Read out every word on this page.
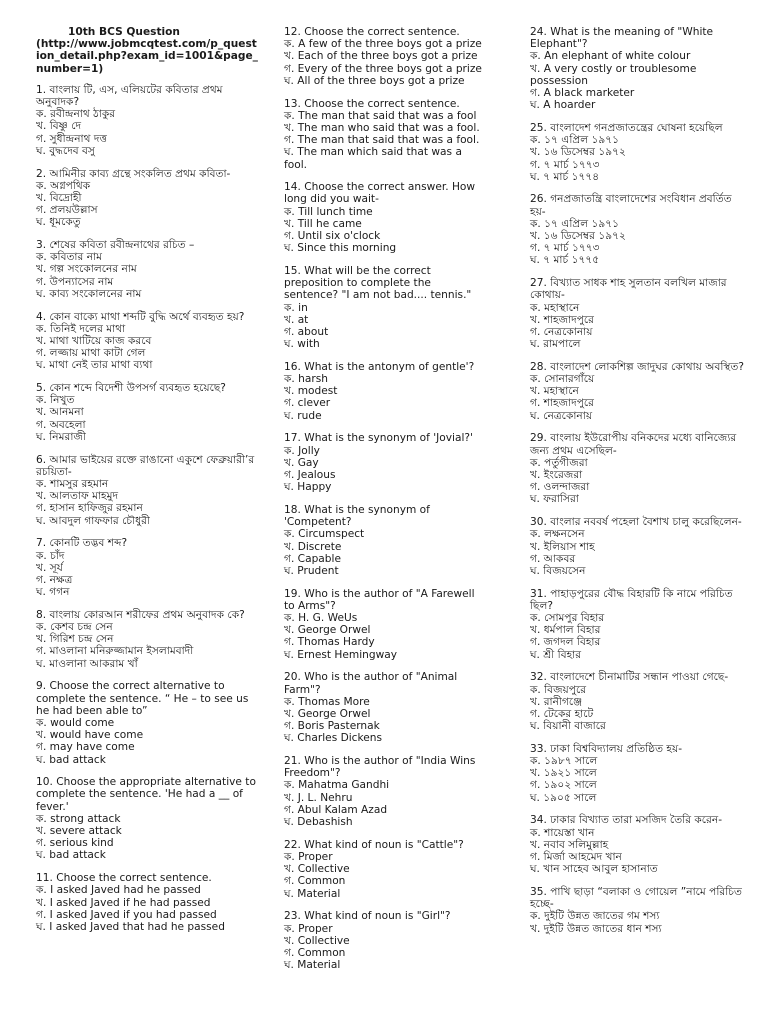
10th BCS Question
(http://www.jobmcqtest.com/p_question_detail.php?exam_id=1001&page_number=1)
1. বাংলায় টি, এস, এলিয়টের কবিতার প্রথম অনুবাদক?
ক. রবীন্দ্রনাথ ঠাকুর
খ. বিষ্ণু দে
গ. সুধীন্দ্রনাথ দত্ত
ঘ. বুদ্ধদেব বসু
2. আমিনীর কাব্য গ্রন্থে সংকলিত প্রথম কবিতা-
ক. অগ্নপথিক
খ. বিদ্রোহী
গ. প্রলয়উল্লাস
ঘ. ধূমকেতু
3. শেষের কবিতা রবীন্দ্রনাথের রচিত –
ক. কবিতার নাম
খ. গল্প সংকোলনের নাম
গ. উপন্যাসের নাম
ঘ. কাব্য সংকোলনের নাম
4. কোন বাক্যে মাথা শব্দটি বুদ্ধি অর্থে ব্যবহৃত হয়?
ক. তিনিই দলের মাথা
খ. মাথা খাটিয়ে কাজ করবে
গ. লজ্জায় মাথা কাটা গেল
ঘ. মাথা নেই তার মাথা ব্যথা
5. কোন শব্দে বিদেশী উপসর্গ ব্যবহৃত হয়েছে?
ক. নিখুত
খ. আনমনা
গ. অবহেলা
ঘ. নিমরাজী
6. আমার ভাইয়ের রক্তে রাঙানো একুশে ফেব্রুয়ারী’র রচয়িতা-
ক. শামসুর রহমান
খ. আলতাফ মাহমুদ
গ. হাসান হাফিজুর রহমান
ঘ. আবদুল গাফফার চৌধুরী
7. কোনটি তদ্ভব শব্দ?
ক. চাঁদ
খ. সূর্য
গ. নক্ষত্র
ঘ. গগন
8. বাংলায় কোরআন শরীফের প্রথম অনুবাদক কে?
ক. কেশব চন্দ্র সেন
খ. গিরিশ চন্দ্র সেন
গ. মাওলানা মনিরুজ্জামান ইসলামবাদী
ঘ. মাওলানা আকরাম খাঁ
9. Choose the correct alternative to complete the sentence. “ He – to see us he had been able to”
ক. would come
খ. would have come
গ. may have come
ঘ. bad attack
10. Choose the appropriate alternative to complete the sentence. 'He had a __ of fever.'
ক. strong attack
খ. severe attack
গ. serious kind
ঘ. bad attack
11. Choose the correct sentence.
ক. I asked Javed had he passed
খ. I asked Javed if he had passed
গ. I asked Javed if you had passed
ঘ. I asked Javed that had he passed
12. Choose the correct sentence.
ক. A few of the three boys got a prize
খ. Each of the three boys got a prize
গ. Every of the three boys got a prize
ঘ. All of the three boys got a prize
13. Choose the correct sentence.
ক. The man that said that was a fool
খ. The man who said that was a fool.
গ. The man that said that was a fool.
ঘ. The man which said that was a fool.
14. Choose the correct answer. How long did you wait-
ক. Till lunch time
খ. Till he came
গ. Until six o'clock
ঘ. Since this morning
15. What will be the correct preposition to complete the sentence? "I am not bad.... tennis."
ক. in
খ. at
গ. about
ঘ. with
16. What is the antonym of gentle'?
ক. harsh
খ. modest
গ. clever
ঘ. rude
17. What is the synonym of 'Jovial?'
ক. Jolly
খ. Gay
গ. Jealous
ঘ. Happy
18. What is the synonym of 'Competent?
ক. Circumspect
খ. Discrete
গ. Capable
ঘ. Prudent
19. Who is the author of "A Farewell to Arms"?
ক. H. G. WeUs
খ. George Orwel
গ. Thomas Hardy
ঘ. Ernest Hemingway
20. Who is the author of "Animal Farm"?
ক. Thomas More
খ. George Orwel
গ. Boris Pasternak
ঘ. Charles Dickens
21. Who is the author of "India Wins Freedom"?
ক. Mahatma Gandhi
খ. J. L. Nehru
গ. Abul Kalam Azad
ঘ. Debashish
22. What kind of noun is "Cattle"?
ক. Proper
খ. Collective
গ. Common
ঘ. Material
23. What kind of noun is "Girl"?
ক. Proper
খ. Collective
গ. Common
ঘ. Material
24. What is the meaning of "White Elephant"?
ক. An elephant of white colour
খ. A very costly or troublesome possession
গ. A black marketer
ঘ. A hoarder
25. বাংলাদেশ গনপ্রজাতন্ত্রের ঘোষনা হয়েছিল
ক. ১৭ এপ্রিল ১৯৭১
খ. ১৬ ডিসেম্বর ১৯৭২
গ. ৭ মার্চ ১৭৭৩
ঘ. ৭ মার্চ ১৭৭৪
26. গনপ্রজাতন্ত্রি বাংলাদেশের সংবিধান প্রবর্তিত হয়-
ক. ১৭ এপ্রিল ১৯৭১
খ. ১৬ ডিসেম্বর ১৯৭২
গ. ৭ মার্চ ১৭৭৩
ঘ. ৭ মার্চ ১৭৭৫
27. বিখ্যাত সাধক শাহ সুলতান বলখিল মাজার কোথায়-
ক. মহাস্থানে
খ. শাহজাদপুরে
গ. নেত্রকোনায়
ঘ. রামপালে
28. বাংলাদেশ লোকশিল্প জাদুঘর কোথায় অবস্থিত?
ক. সোনারগাঁয়ে
খ. মহাস্থানে
গ. শাহজাদপুরে
ঘ. নেত্রকোনায়
29. বাংলায় ইউরোপীয় বনিকদের মধ্যে বানিজ্যের জন্য প্রথম এসেছিল-
ক. পর্তুগীজরা
খ. ইংরেজরা
গ. ওলন্দাজরা
ঘ. ফরাসিরা
30. বাংলার নববর্ষ পহেলা বৈশাখ চালু করেছিলেন-
ক. লক্ষনসেন
খ. ইলিয়াস শাহ
গ. আকবর
ঘ. বিজয়সেন
31. পাহাড়পুরের বৌদ্ধ বিহারটি কি নামে পরিচিত ছিল?
ক. সোমপুর বিহার
খ. ধর্মপাল বিহার
গ. জগদল বিহার
ঘ. শ্রী বিহার
32. বাংলাদেশে চীনামাটির সন্ধান পাওয়া গেছে-
ক. বিজয়পুরে
খ. রানীগঞ্জে
গ. টেকের হাটে
ঘ. বিয়ানী বাজারে
33. ঢাকা বিশ্ববিদ্যালয় প্রতিষ্ঠিত হয়-
ক. ১৯৮৭ সালে
খ. ১৯২১ সালে
গ. ১৯০২ সালে
ঘ. ১৯০৫ সালে
34. ঢাকার বিখ্যাত তারা মসজিদ তৈরি করেন-
ক. শায়েস্তা খান
খ. নবাব সলিমুল্লাহ
গ. মির্জা আহমেদ খান
ঘ. খান সাহেব আবুল হাসানাত
35. পাখি ছাড়া “বলাকা ও গোয়েল ”নামে পরিচিত হচ্ছে-
ক. দুইটি উন্নত জাতের গম শস্য
খ. দুইটি উন্নত জাতের ধান শস্য
